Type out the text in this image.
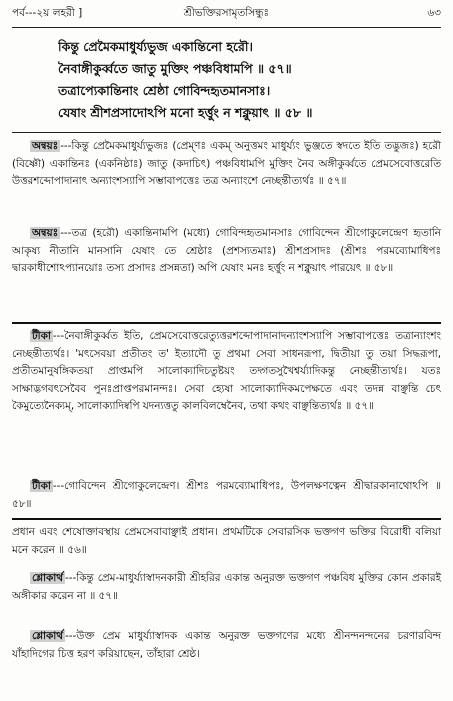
পর্ব---২য় লহরী ]	শ্রীভক্তিরসামৃতসিন্ধুঃ	৬৩
কিন্তু প্রেমৈকমাধুর্য্যভুজ একান্তিনো হরৌ।
নৈবাঙ্গীকুর্ব্বতে জাতু মুক্তিং পঞ্চবিধামপি ॥ ৫৭॥
তত্রাপ্যেকান্তিনাং শ্রেষ্ঠা গোবিন্দহৃতমানসাঃ।
যেষাং শ্রীশপ্রসাদোঽপি মনো হর্ত্তুং ন শক্নুয়াৎ ॥ ৫৮ ॥

অন্বয়ঃ ---কিন্তু প্রেমৈকমাধুর্য্যভুজঃ (প্রেম্ণঃ একম্ অনুত্তমং মাধুর্য্যং ভুঞ্জতে স্বদতে ইতি তদ্ভুজঃ) হরৌ (বিষ্ণৌ) একান্তিনঃ (একনিষ্ঠাঃ) জাতু (কদাচিৎ) পঞ্চবিধামপি মুক্তিং নৈব অঙ্গীকুর্ব্বতে প্রেমসেবোত্তরেতি উত্তরশব্দোপাদানাৎ অন্যাংশস্যাপি সম্ভাবাপত্তেঃ তত্র অন্যাংশে নেচ্ছন্তীত্যর্থঃ ॥ ৫৭॥

অন্বয়ঃ ---তত্র (হরৌ) একান্তিনামপি (মধ্যে) গোবিন্দহৃতমানসাঃ গোবিন্দেন শ্রীগোকুলেন্দ্রেণ হৃতানি আকৃষ্য নীতানি মানসানি যেষাং তে শ্রেষ্ঠাঃ (প্রশস্যতমাঃ) শ্রীশপ্রসাদঃ (শ্রীশঃ পরমব্যোমাধিপঃ দ্বারকাধীশোঽপ্যানয়োঃ তস্য প্রসাদঃ প্রসন্নতা) অপি যেষাং মনঃ হর্ত্তুং ন শক্নুয়াৎ পারয়েৎ ॥ ৫৮॥

টীকা ---নৈবাঙ্গীকুর্ব্বত ইতি, প্রেমসেবোত্তরেত্যুত্তরশব্দোপাদানাদন্যাংশস্যাপি সম্ভাবাপত্তেঃ তত্রান্যাংশং নেচ্ছন্তীত্যর্থঃ। 'মৎসেবয়া প্রতীতং ত' ইত্যাদৌ তু প্রথমা সেবা সাধনরূপা, দ্বিতীয়া তু তয়া সিদ্ধরূপা, প্রতীতমানুষঙ্গিকতয়া প্রাপ্তমপি সালোক্যাদিচতুষ্টয়ং তদ্গতসুখৈশ্বর্য্যাদিকন্তু নেচ্ছন্তীত্যর্থঃ। যতঃ সাক্ষাদ্ভগবৎসেবৈব পুনঃপ্রাপ্তপরমানন্দঃ। সেবা হ্যেষা সালোক্যাদিকমপেক্ষতে এবং তদন্ন বাঞ্ছন্তি চেৎ কৈমুত্যেনৈক্যম্, সালোক্যাদিষ্বপি যদন্যত্ততু কালবিলম্বেনৈব, তথা কথং বাঞ্ছন্তিত্যর্থঃ ॥ ৫৭॥

টীকা ---গোবিন্দেন শ্রীগোকুলেন্দ্রেণ। শ্রীশঃ পরমব্যোমাধিপঃ, উপলক্ষণত্বেন শ্রীদ্বারকানাথোঽপি ॥ ৫৮॥

প্রধান এবং শেষোক্তাবস্থায় প্রেমসেবাবাঞ্ছাই প্রধান। প্রথমটিকে সেবারসিক ভক্তগণ ভক্তির বিরোধী বলিয়া মনে করেন ॥ ৫৬॥

শ্লোকার্থ ---কিন্তু প্রেম-মাধুর্য্যাস্বাদনকারী শ্রীহরির একান্ত অনুরক্ত ভক্তগণ পঞ্চবিধ মুক্তির কোন প্রকারই অঙ্গীকার করেন না ॥ ৫৭॥

শ্লোকার্থ ---উক্ত প্রেম মাধুর্য্যাস্বাদক একান্ত অনুরক্ত ভক্তগণের মধ্যে শ্রীনন্দনন্দনের চরণারবিন্দ যাঁহাদিগের চিত্ত হরণ করিয়াছেন, তাঁহারা শ্রেষ্ঠ।
